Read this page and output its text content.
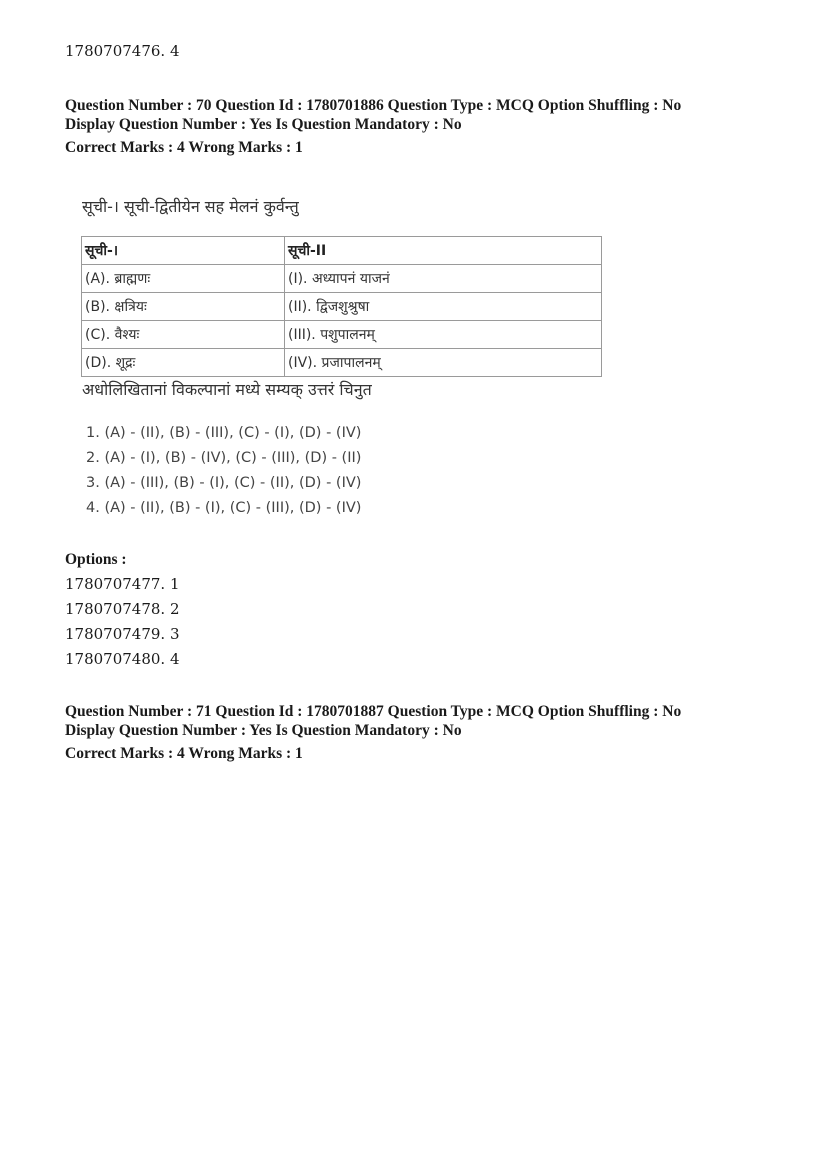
1780707476. 4
Question Number : 70 Question Id : 1780701886 Question Type : MCQ Option Shuffling : No
Display Question Number : Yes Is Question Mandatory : No
Correct Marks : 4 Wrong Marks : 1
सूची-। सूची-द्वितीयेन सह मेलनं कुर्वन्तु
सूची-।	सूची-II
(A). ब्राह्मणः	(I). अध्यापनं याजनं
(B). क्षत्रियः	(II). द्विजशुश्रुषा
(C). वैश्यः	(III). पशुपालनम्
(D). शूद्रः	(IV). प्रजापालनम्
अधोलिखितानां विकल्पानां मध्ये सम्यक् उत्तरं चिनुत
1. (A) - (II), (B) - (III), (C) - (I), (D) - (IV)
2. (A) - (I), (B) - (IV), (C) - (III), (D) - (II)
3. (A) - (III), (B) - (I), (C) - (II), (D) - (IV)
4. (A) - (II), (B) - (I), (C) - (III), (D) - (IV)
Options :
1780707477. 1
1780707478. 2
1780707479. 3
1780707480. 4
Question Number : 71 Question Id : 1780701887 Question Type : MCQ Option Shuffling : No
Display Question Number : Yes Is Question Mandatory : No
Correct Marks : 4 Wrong Marks : 1
